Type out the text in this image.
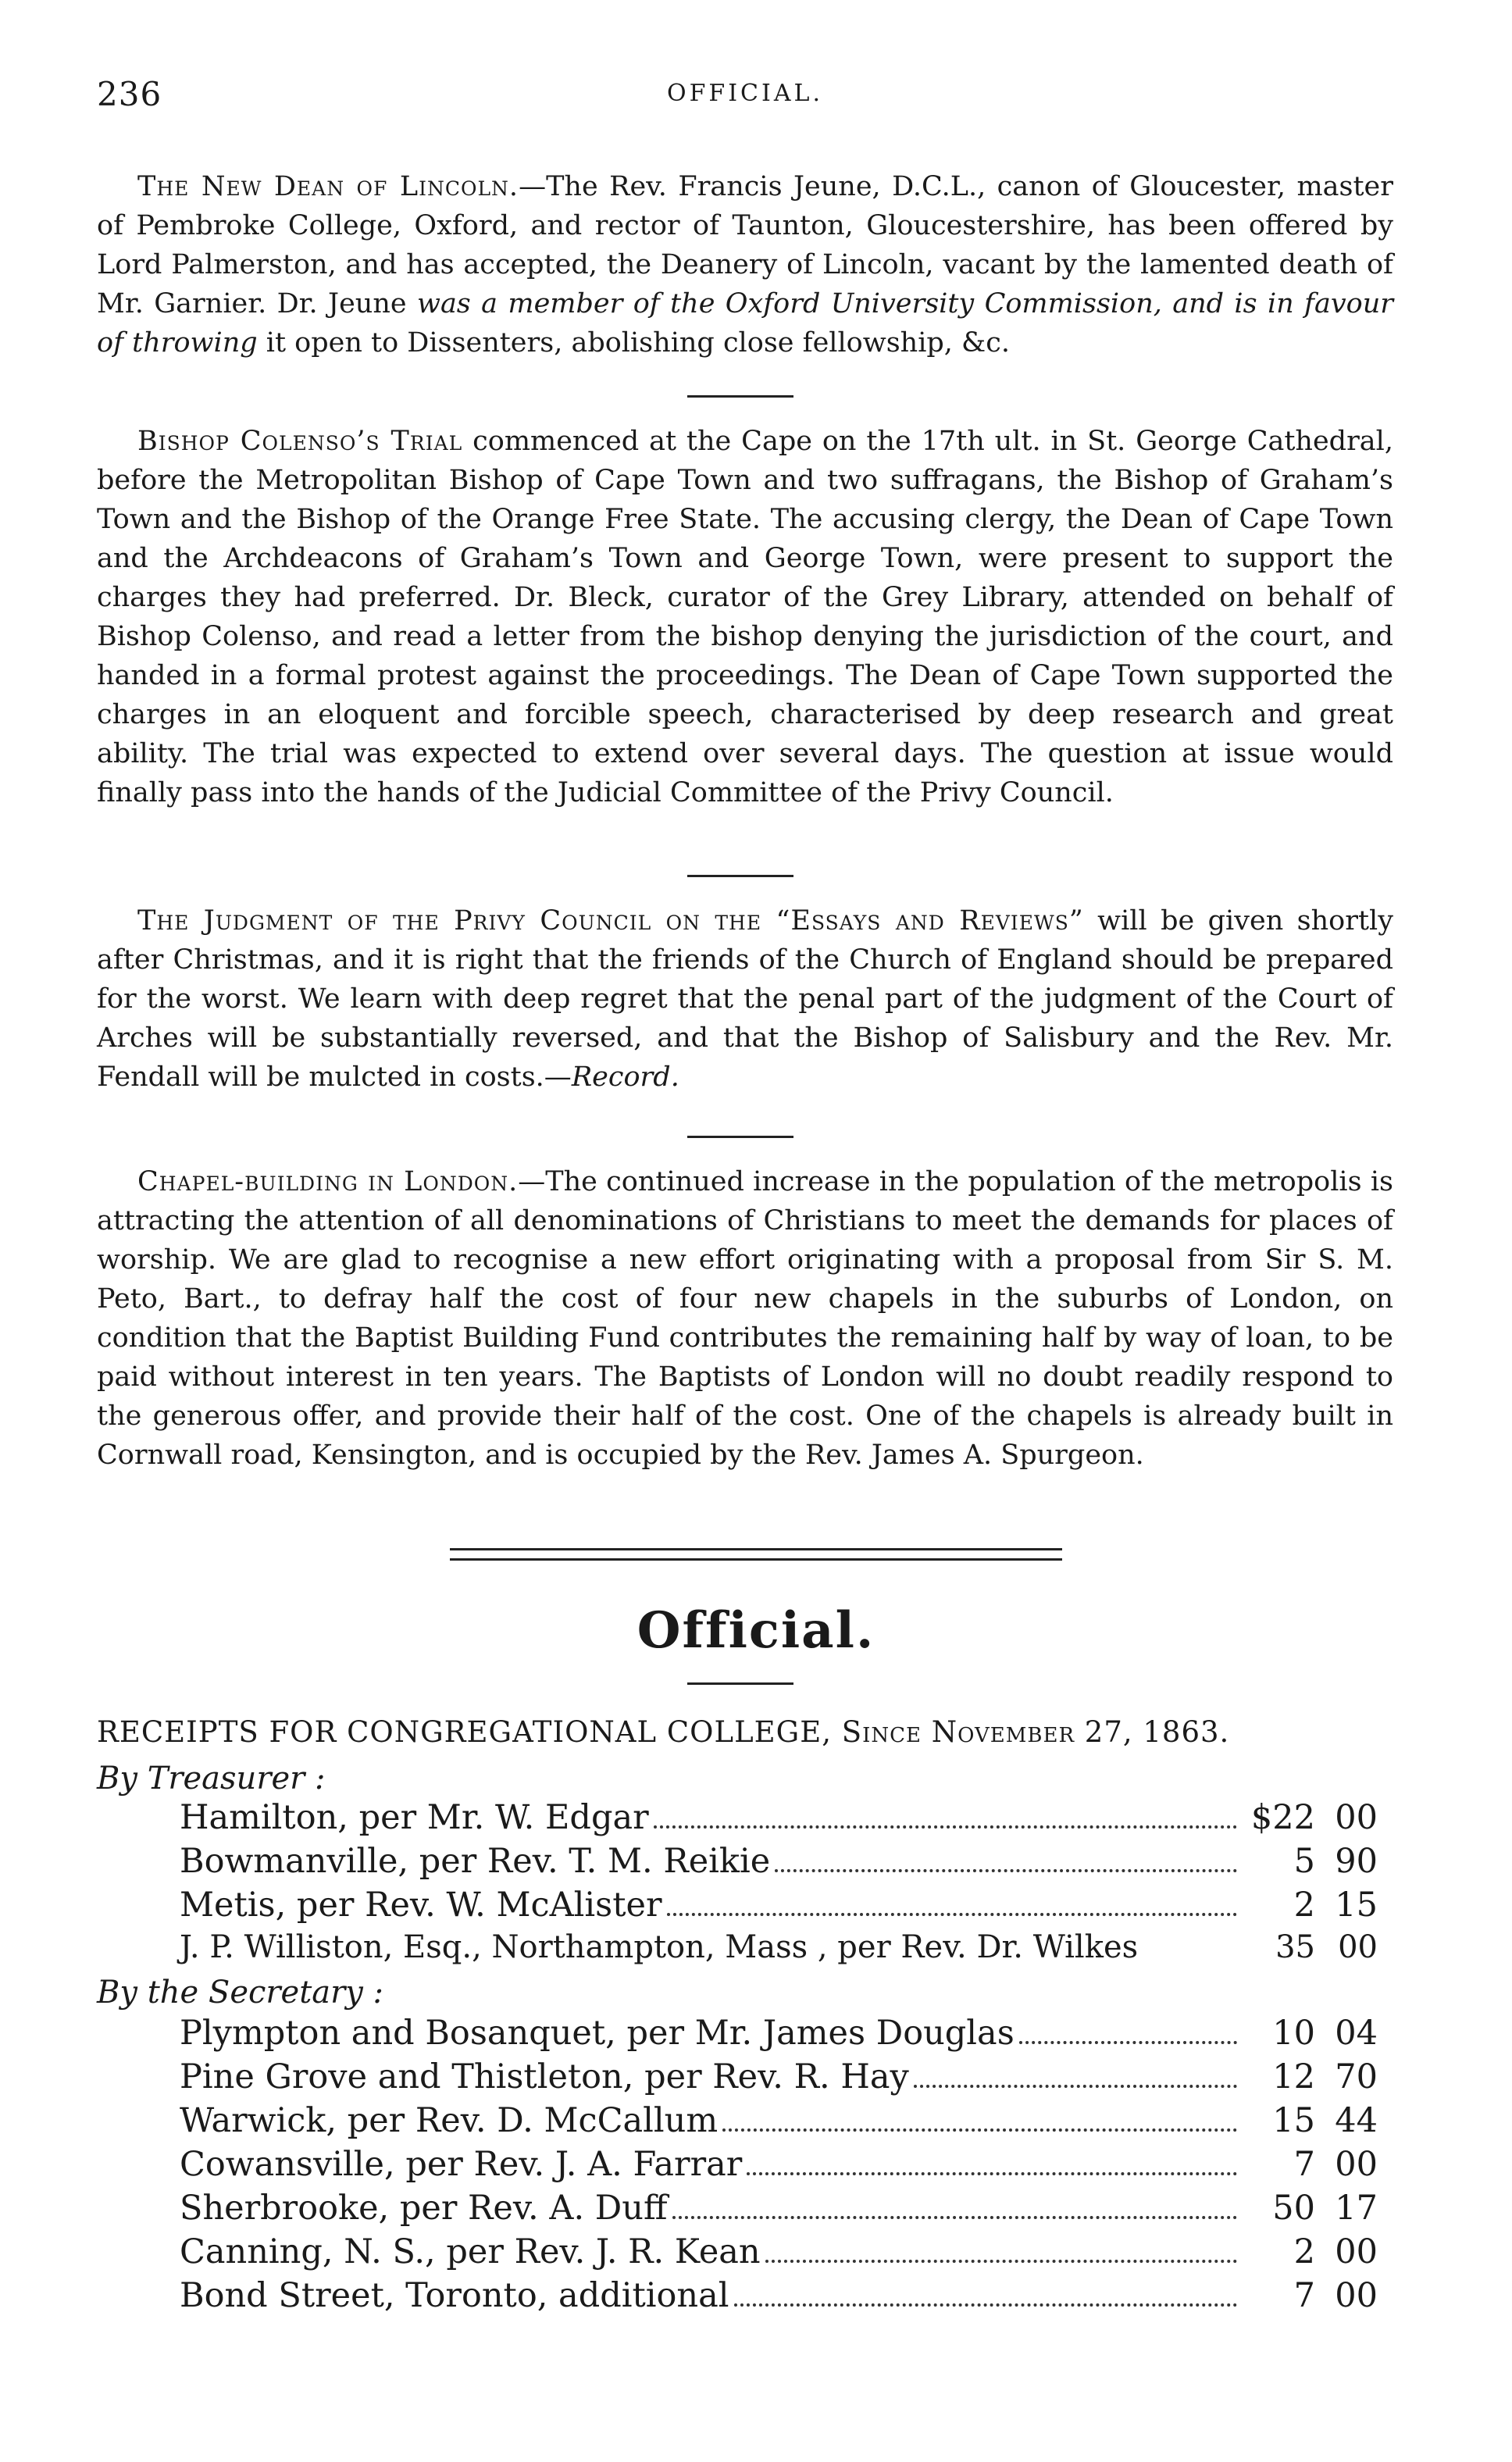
236	OFFICIAL.

The New Dean of Lincoln.—The Rev. Francis Jeune, D.C.L., canon of Gloucester, master of Pembroke College, Oxford, and rector of Taunton, Gloucestershire, has been offered by Lord Palmerston, and has accepted, the Deanery of Lincoln, vacant by the lamented death of Mr. Garnier. Dr. Jeune was a member of the Oxford University Commission, and is in favour of throwing it open to Dissenters, abolishing close fellowship, &c.

Bishop Colenso’s Trial commenced at the Cape on the 17th ult. in St. George Cathedral, before the Metropolitan Bishop of Cape Town and two suffragans, the Bishop of Graham’s Town and the Bishop of the Orange Free State. The accusing clergy, the Dean of Cape Town and the Archdeacons of Graham’s Town and George Town, were present to support the charges they had preferred. Dr. Bleck, curator of the Grey Library, attended on behalf of Bishop Colenso, and read a letter from the bishop denying the jurisdiction of the court, and handed in a formal protest against the proceedings. The Dean of Cape Town supported the charges in an eloquent and forcible speech, characterised by deep research and great ability. The trial was expected to extend over several days. The question at issue would finally pass into the hands of the Judicial Committee of the Privy Council.

The Judgment of the Privy Council on the “Essays and Reviews” will be given shortly after Christmas, and it is right that the friends of the Church of England should be prepared for the worst. We learn with deep regret that the penal part of the judgment of the Court of Arches will be substantially reversed, and that the Bishop of Salisbury and the Rev. Mr. Fendall will be mulcted in costs.—Record.

Chapel-building in London.—The continued increase in the population of the metropolis is attracting the attention of all denominations of Christians to meet the demands for places of worship. We are glad to recognise a new effort originating with a proposal from Sir S. M. Peto, Bart., to defray half the cost of four new chapels in the suburbs of London, on condition that the Baptist Building Fund contributes the remaining half by way of loan, to be paid without interest in ten years. The Baptists of London will no doubt readily respond to the generous offer, and provide their half of the cost. One of the chapels is already built in Cornwall road, Kensington, and is occupied by the Rev. James A. Spurgeon.

Official.
RECEIPTS FOR CONGREGATIONAL COLLEGE, Since November 27, 1863.
By Treasurer :
Hamilton, per Mr. W. Edgar	$22 00
Bowmanville, per Rev. T. M. Reikie	5 90
Metis, per Rev. W. McAlister	2 15
J. P. Williston, Esq., Northampton, Mass , per Rev. Dr. Wilkes	35 00
By the Secretary :
Plympton and Bosanquet, per Mr. James Douglas	10 04
Pine Grove and Thistleton, per Rev. R. Hay	12 70
Warwick, per Rev. D. McCallum	15 44
Cowansville, per Rev. J. A. Farrar	7 00
Sherbrooke, per Rev. A. Duff	50 17
Canning, N. S., per Rev. J. R. Kean	2 00
Bond Street, Toronto, additional	7 00
